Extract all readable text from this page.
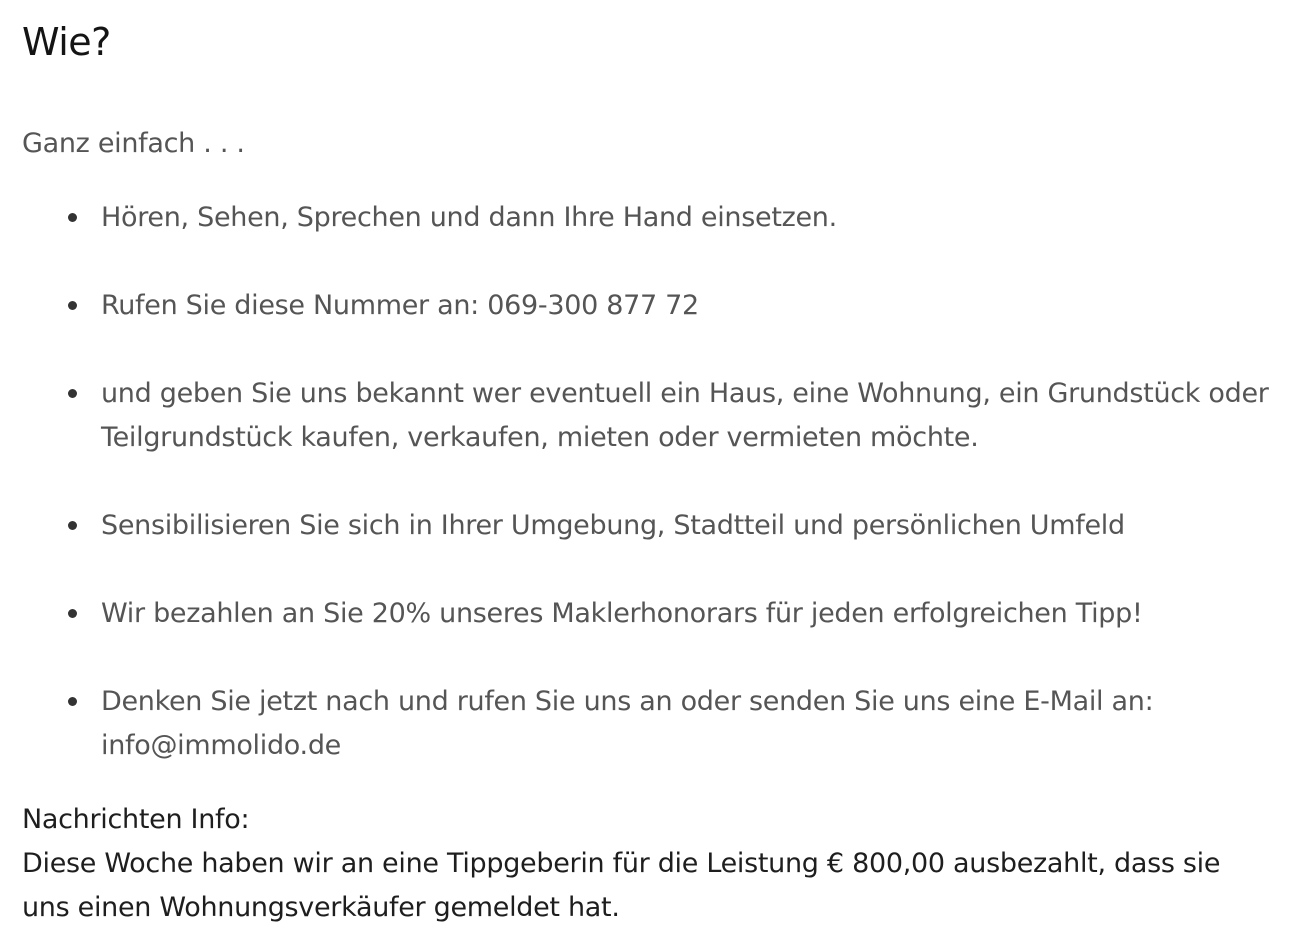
Wie?

Ganz einfach . . .

Hören, Sehen, Sprechen und dann Ihre Hand einsetzen.
Rufen Sie diese Nummer an: 069-300 877 72
und geben Sie uns bekannt wer eventuell ein Haus, eine Wohnung, ein Grundstück oder Teilgrundstück kaufen, verkaufen, mieten oder vermieten möchte.
Sensibilisieren Sie sich in Ihrer Umgebung, Stadtteil und persönlichen Umfeld
Wir bezahlen an Sie 20% unseres Maklerhonorars für jeden erfolgreichen Tipp!
Denken Sie jetzt nach und rufen Sie uns an oder senden Sie uns eine E-Mail an: info@immolido.de

Nachrichten Info:

Diese Woche haben wir an eine Tippgeberin für die Leistung € 800,00 ausbezahlt, dass sie uns einen Wohnungsverkäufer gemeldet hat.
